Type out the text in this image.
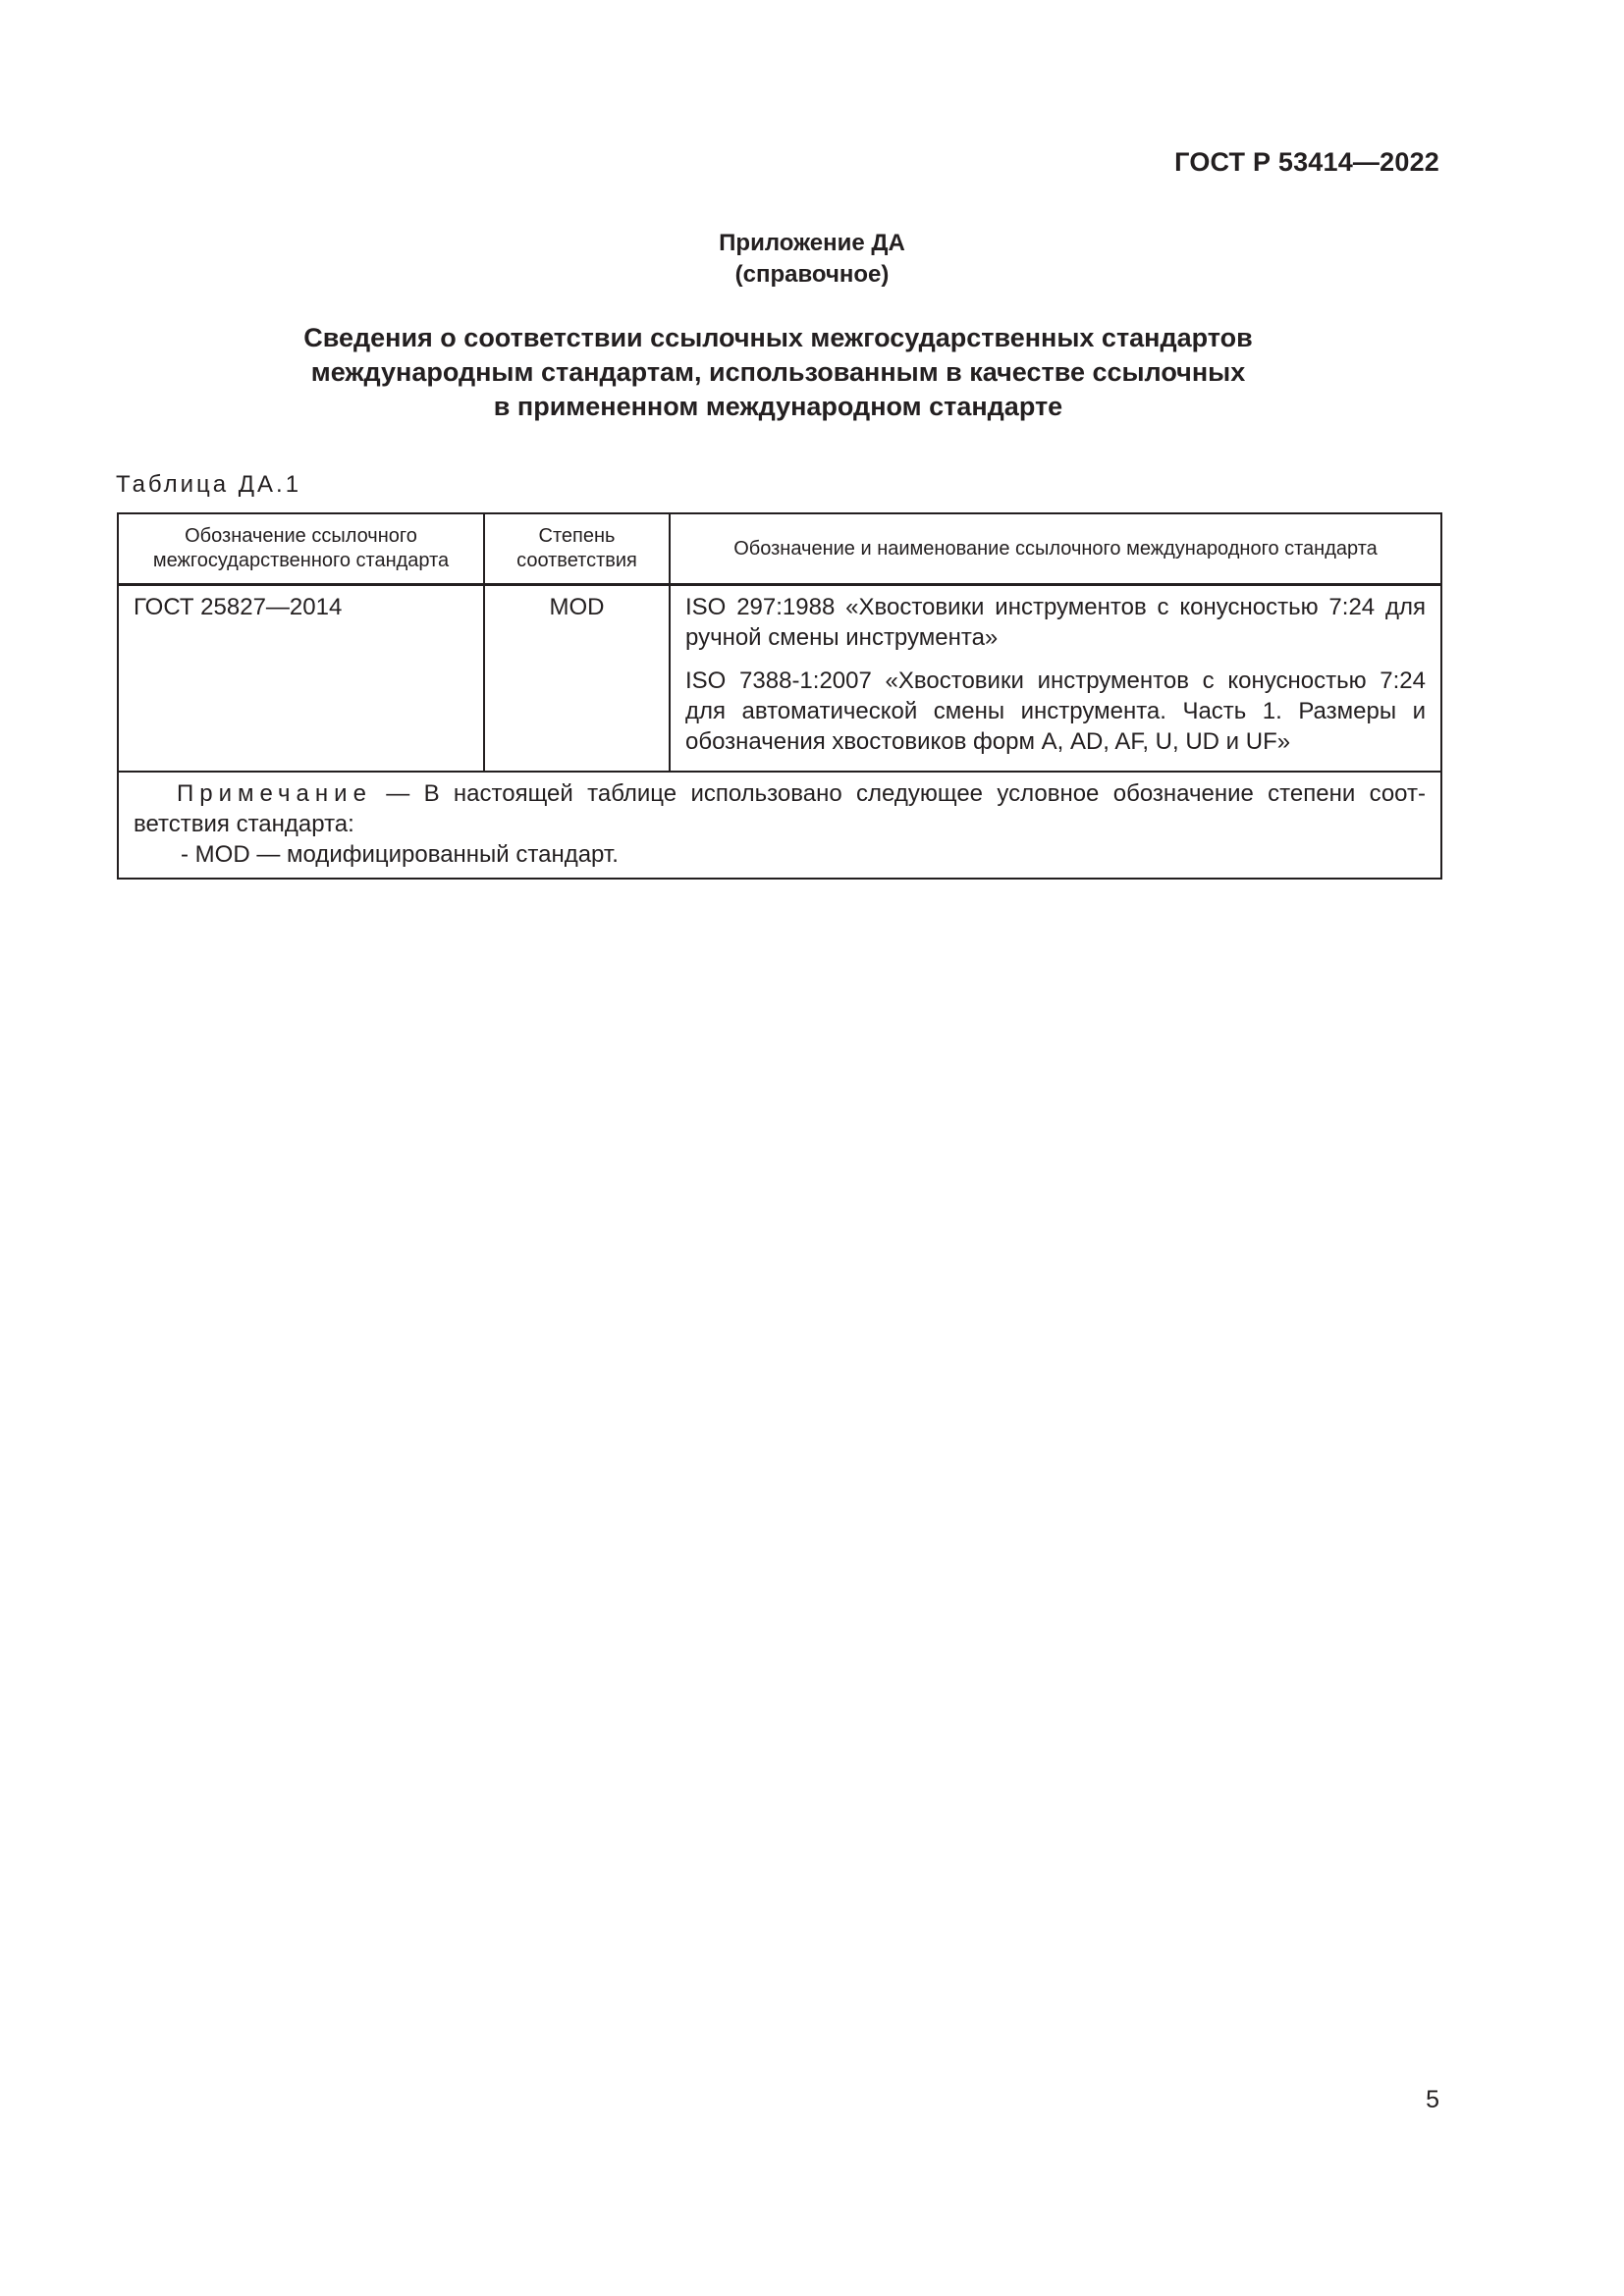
ГОСТ Р 53414—2022
Приложение ДА
(справочное)
Сведения о соответствии ссылочных межгосударственных стандартов
международным стандартам, использованным в качестве ссылочных
в примененном международном стандарте
Таблица ДА.1
Обозначение ссылочного межгосударственного стандарта	Степень соответствия	Обозначение и наименование ссылочного международного стандарта
ГОСТ 25827—2014	MOD	ISO 297:1988 «Хвостовики инструментов с конусностью 7:24 для ручной смены инструмента»

ISO 7388-1:2007 «Хвостовики инструментов с конусностью 7:24 для автоматической смены инструмента. Часть 1. Размеры и обозначения хвостовиков форм А, AD, AF, U, UD и UF»

Примечание — В настоящей таблице использовано следующее условное обозначение степени соот-
ветствия стандарта:
- MOD — модифицированный стандарт.		
5
